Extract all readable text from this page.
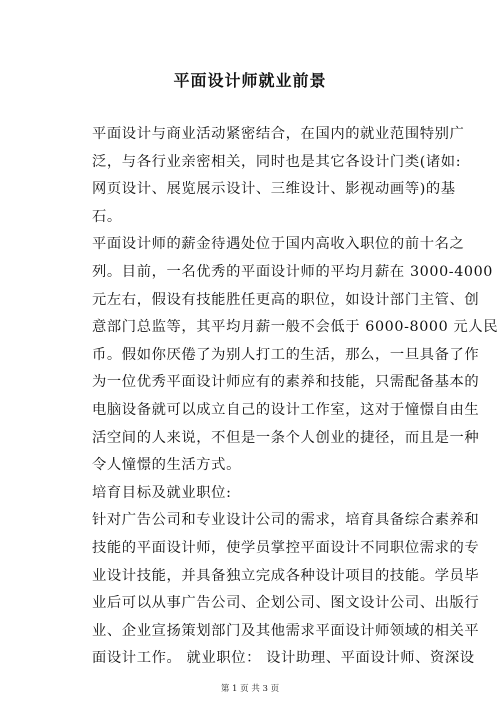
平面设计师就业前景
平面设计与商业活动紧密结合，在国内的就业范围特别广
泛，与各行业亲密相关，同时也是其它各设计门类(诸如:
网页设计、展览展示设计、三维设计、影视动画等)的基
石。
平面设计师的薪金待遇处位于国内高收入职位的前十名之
列。目前，一名优秀的平面设计师的平均月薪在 3000-4000
元左右，假设有技能胜任更高的职位，如设计部门主管、创
意部门总监等，其平均月薪一般不会低于 6000-8000 元人民
币。假如你厌倦了为别人打工的生活，那么，一旦具备了作
为一位优秀平面设计师应有的素养和技能，只需配备基本的
电脑设备就可以成立自己的设计工作室，这对于憧憬自由生
活空间的人来说，不但是一条个人创业的捷径，而且是一种
令人憧憬的生活方式。
培育目标及就业职位:
针对广告公司和专业设计公司的需求，培育具备综合素养和
技能的平面设计师，使学员掌控平面设计不同职位需求的专
业设计技能，并具备独立完成各种设计项目的技能。学员毕
业后可以从事广告公司、企划公司、图文设计公司、出版行
业、企业宣扬策划部门及其他需求平面设计师领域的相关平
面设计工作。 就业职位： 设计助理、平面设计师、资深设
第 1 页 共 3 页
